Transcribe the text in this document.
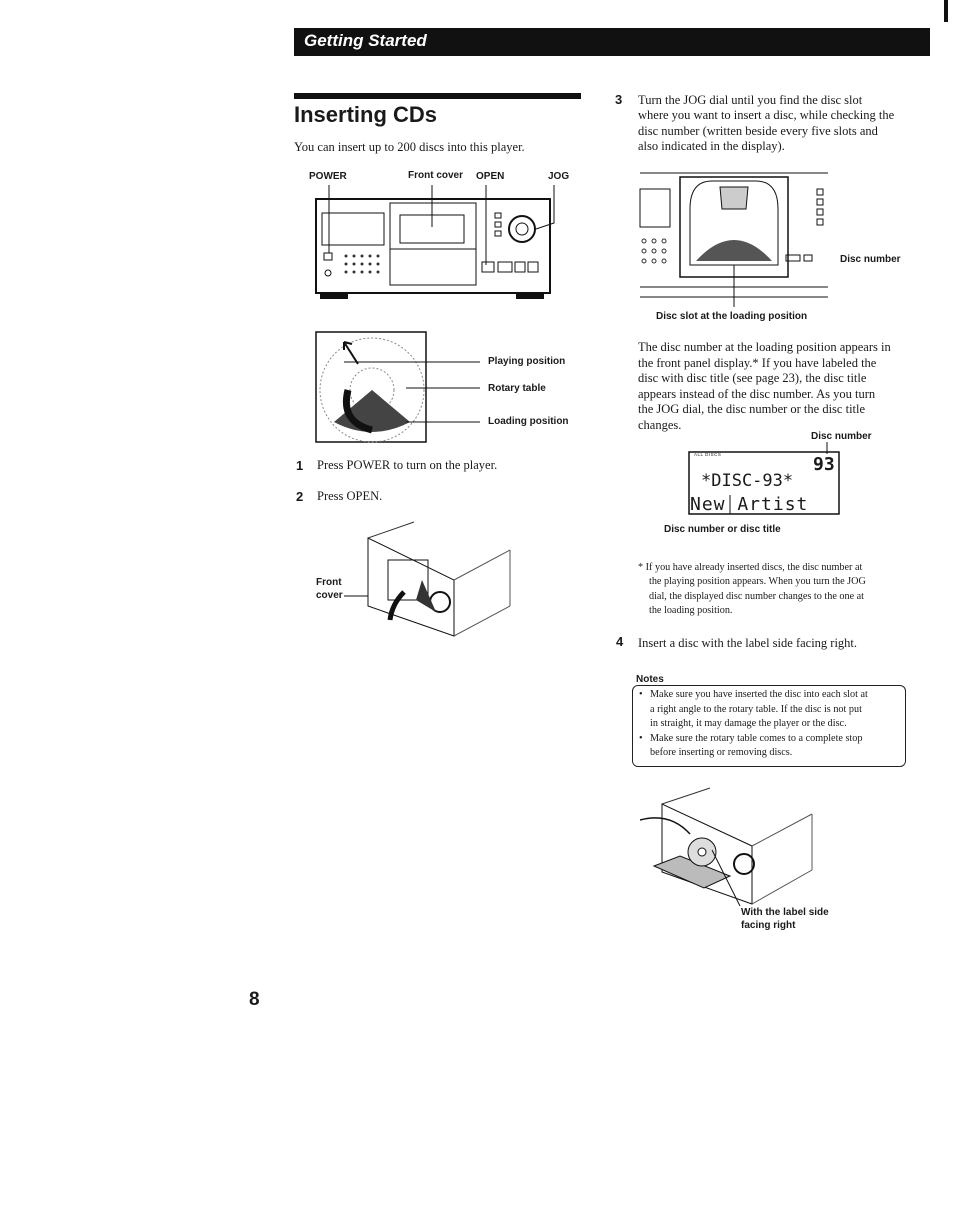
Getting Started
Inserting CDs
You can insert up to 200 discs into this player.
POWER	Front cover OPEN	JOG
Playing position
Rotary table
Loading position
1 Press POWER to turn on the player.
2 Press OPEN.
Front
cover
3 Turn the JOG dial until you find the disc slot
where you want to insert a disc, while checking the
disc number (written beside every five slots and
also indicated in the display).
Disc number
Disc slot at the loading position
The disc number at the loading position appears in
the front panel display.* If you have labeled the
disc with disc title (see page 23), the disc title
appears instead of the disc number. As you turn
the JOG dial, the disc number or the disc title
changes.
Disc number
ALL DISCS	93
*DISC-93*
New Artist
Disc number or disc title
* If you have already inserted discs, the disc number at
the playing position appears. When you turn the JOG
dial, the displayed disc number changes to the one at
the loading position.
4 Insert a disc with the label side facing right.
Notes
• Make sure you have inserted the disc into each slot at
a right angle to the rotary table. If the disc is not put
in straight, it may damage the player or the disc.
• Make sure the rotary table comes to a complete stop
before inserting or removing discs.
With the label side
facing right
8
